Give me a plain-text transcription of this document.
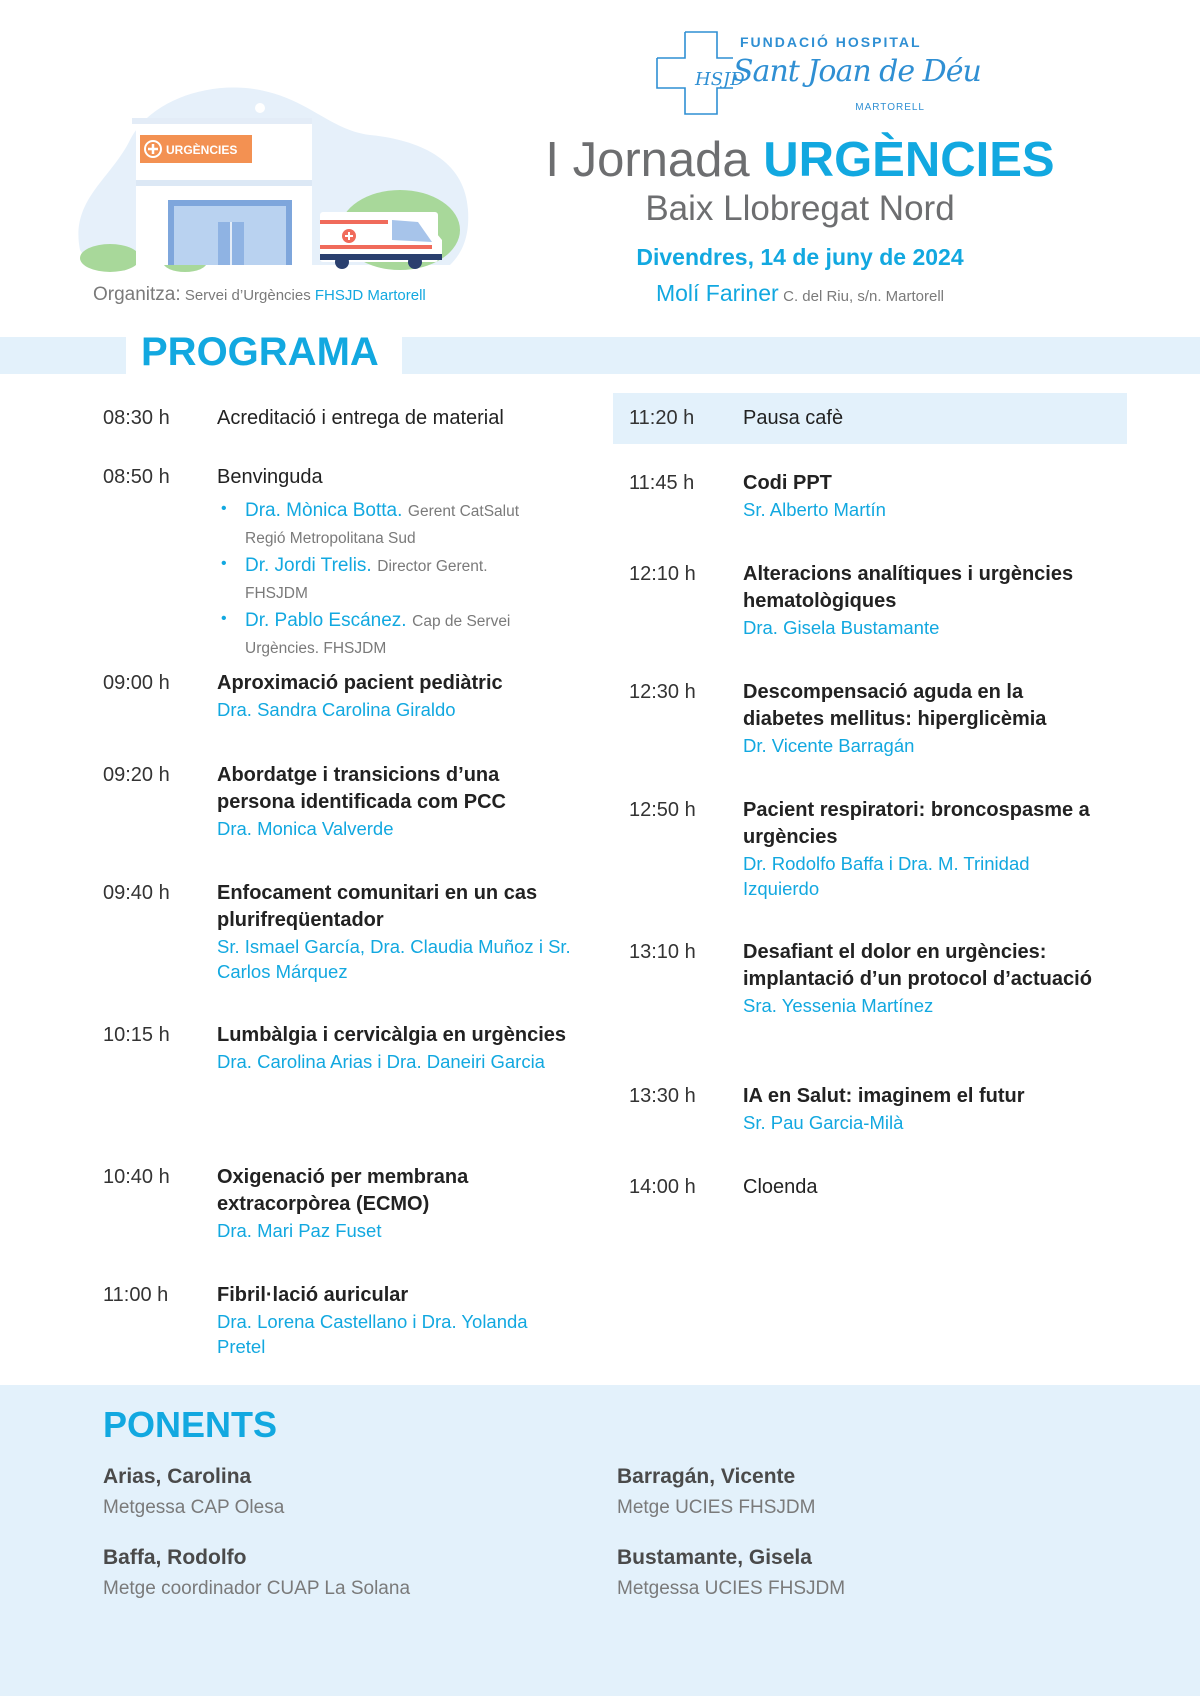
URGÈNCIES
Organitza: Servei d’Urgències FHSJD Martorell
HSJD
FUNDACIÓ HOSPITAL
Sant Joan de Déu
MARTORELL
I Jornada URGÈNCIES
Baix Llobregat Nord
Divendres, 14 de juny de 2024
Molí Fariner C. del Riu, s/n. Martorell
PROGRAMA
08:30 h	Acreditació i entrega de material
08:50 h	Benvinguda
• Dra. Mònica Botta. Gerent CatSalut
Regió Metropolitana Sud
• Dr. Jordi Trelis. Director Gerent.
FHSJDM
• Dr. Pablo Escánez. Cap de Servei
Urgències. FHSJDM
09:00 h	Aproximació pacient pediàtric
Dra. Sandra Carolina Giraldo
09:20 h	Abordatge i transicions d’una persona identificada com PCC
Dra. Monica Valverde
09:40 h	Enfocament comunitari en un cas plurifreqüentador
Sr. Ismael García, Dra. Claudia Muñoz i Sr. Carlos Márquez
10:15 h	Lumbàlgia i cervicàlgia en urgències
Dra. Carolina Arias i Dra. Daneiri Garcia
10:40 h	Oxigenació per membrana extracorpòrea (ECMO)
Dra. Mari Paz Fuset
11:00 h	Fibril·lació auricular
Dra. Lorena Castellano i Dra. Yolanda Pretel
11:20 h	Pausa cafè
11:45 h	Codi PPT
Sr. Alberto Martín
12:10 h	Alteracions analítiques i urgències hematològiques
Dra. Gisela Bustamante
12:30 h	Descompensació aguda en la diabetes mellitus: hiperglicèmia
Dr. Vicente Barragán
12:50 h	Pacient respiratori: broncospasme a urgències
Dr. Rodolfo Baffa i Dra. M. Trinidad Izquierdo
13:10 h	Desafiant el dolor en urgències: implantació d’un protocol d’actuació
Sra. Yessenia Martínez
13:30 h	IA en Salut: imaginem el futur
Sr. Pau Garcia-Milà
14:00 h	Cloenda
PONENTS
Arias, Carolina
Metgessa CAP Olesa
Barragán, Vicente
Metge UCIES FHSJDM
Baffa, Rodolfo
Metge coordinador CUAP La Solana
Bustamante, Gisela
Metgessa UCIES FHSJDM
